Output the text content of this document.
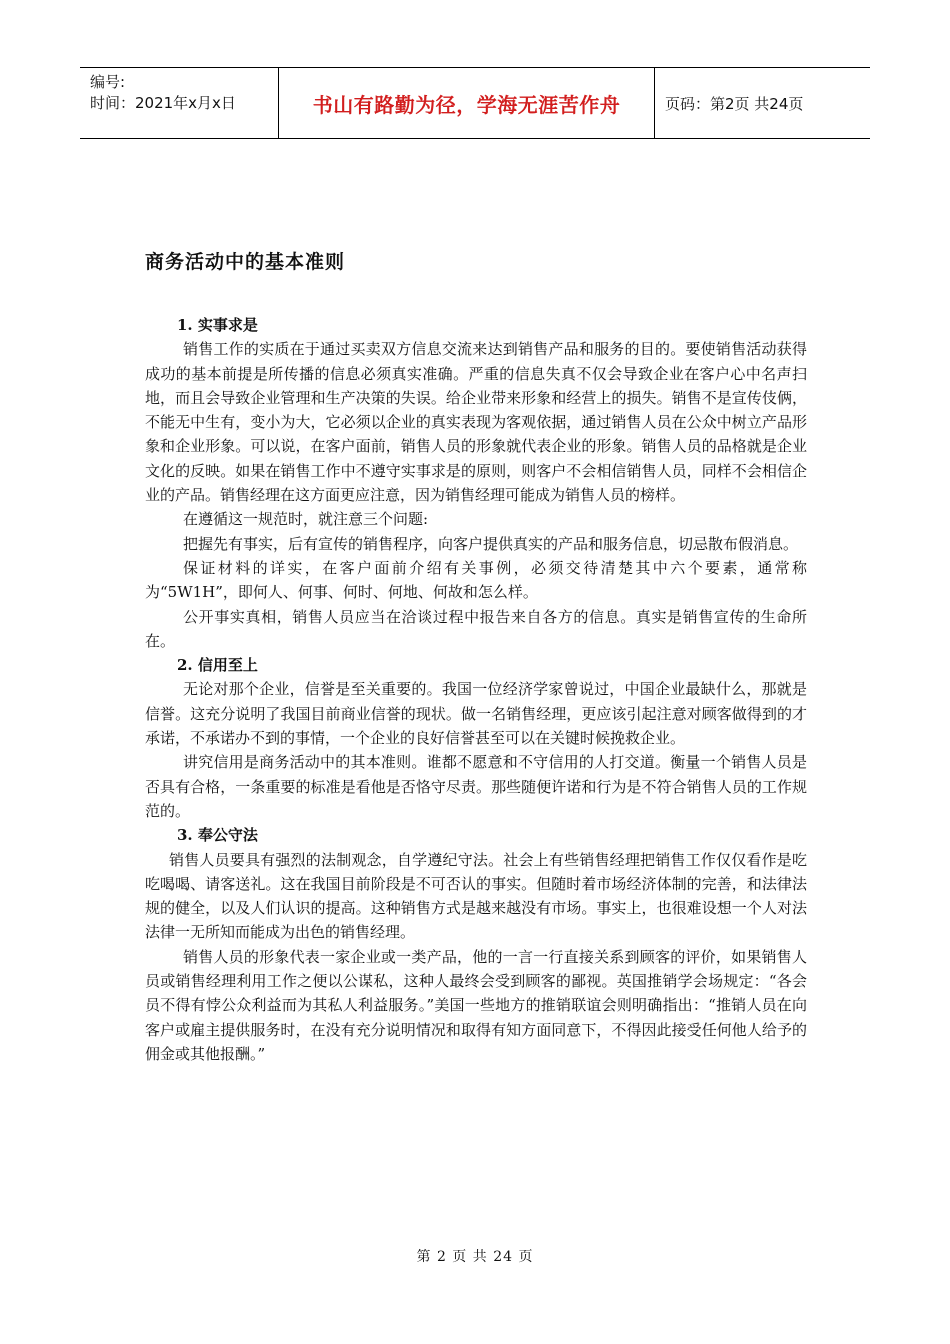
编号:
时间：2021年x月x日	书山有路勤为径，学海无涯苦作舟	页码：第2页 共24页
商务活动中的基本准则

1. 实事求是

销售工作的实质在于通过买卖双方信息交流来达到销售产品和服务的目的。要使销售活动获得成功的基本前提是所传播的信息必须真实准确。严重的信息失真不仅会导致企业在客户心中名声扫地，而且会导致企业管理和生产决策的失误。给企业带来形象和经营上的损失。销售不是宣传伎俩，不能无中生有，变小为大，它必须以企业的真实表现为客观依据，通过销售人员在公众中树立产品形象和企业形象。可以说，在客户面前，销售人员的形象就代表企业的形象。销售人员的品格就是企业文化的反映。如果在销售工作中不遵守实事求是的原则，则客户不会相信销售人员，同样不会相信企业的产品。销售经理在这方面更应注意，因为销售经理可能成为销售人员的榜样。

在遵循这一规范时，就注意三个问题:

把握先有事实，后有宣传的销售程序，向客户提供真实的产品和服务信息，切忌散布假消息。

保证材料的详实，在客户面前介绍有关事例，必须交待清楚其中六个要素，通常称为“5W1H”，即何人、何事、何时、何地、何故和怎么样。

公开事实真相，销售人员应当在洽谈过程中报告来自各方的信息。真实是销售宣传的生命所在。

2. 信用至上

无论对那个企业，信誉是至关重要的。我国一位经济学家曾说过，中国企业最缺什么，那就是信誉。这充分说明了我国目前商业信誉的现状。做一名销售经理，更应该引起注意对顾客做得到的才承诺，不承诺办不到的事情，一个企业的良好信誉甚至可以在关键时候挽救企业。

讲究信用是商务活动中的其本准则。谁都不愿意和不守信用的人打交道。衡量一个销售人员是否具有合格，一条重要的标准是看他是否恪守尽责。那些随便许诺和行为是不符合销售人员的工作规范的。

3. 奉公守法

销售人员要具有强烈的法制观念，自学遵纪守法。社会上有些销售经理把销售工作仅仅看作是吃吃喝喝、请客送礼。这在我国目前阶段是不可否认的事实。但随时着市场经济体制的完善，和法律法规的健全，以及人们认识的提高。这种销售方式是越来越没有市场。事实上，也很难设想一个人对法法律一无所知而能成为出色的销售经理。

销售人员的形象代表一家企业或一类产品，他的一言一行直接关系到顾客的评价，如果销售人员或销售经理利用工作之便以公谋私，这种人最终会受到顾客的鄙视。英国推销学会场规定：“各会员不得有悖公众利益而为其私人利益服务。”美国一些地方的推销联谊会则明确指出：“推销人员在向客户或雇主提供服务时，在没有充分说明情况和取得有知方面同意下，不得因此接受任何他人给予的佣金或其他报酬。”

第 2 页 共 24 页
